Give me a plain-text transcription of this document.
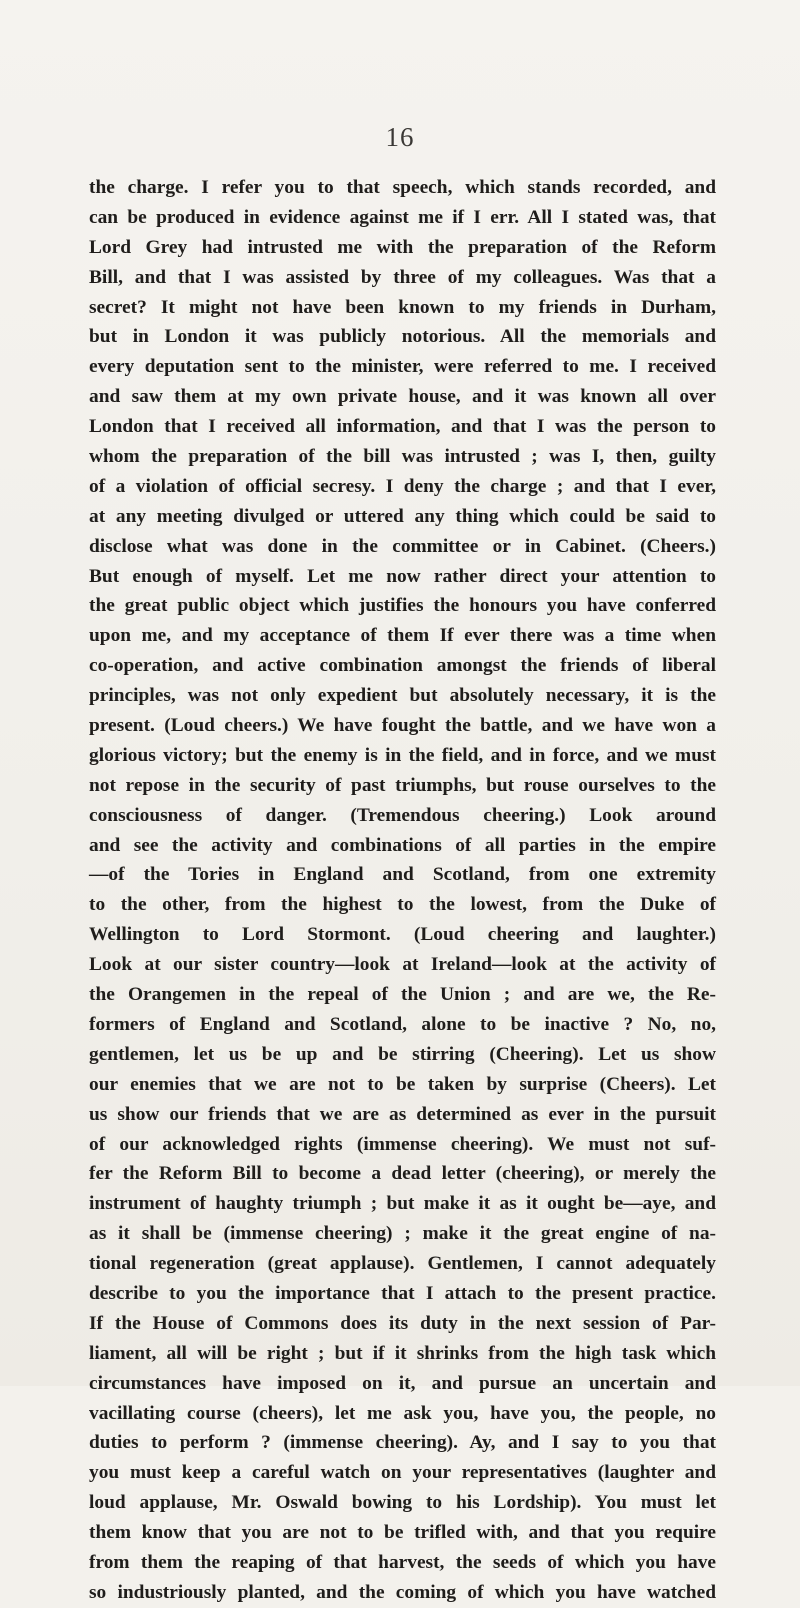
16
the charge. I refer you to that speech, which stands recorded, and
can be produced in evidence against me if I err. All I stated was, that
Lord Grey had intrusted me with the preparation of the Reform
Bill, and that I was assisted by three of my colleagues. Was that a
secret? It might not have been known to my friends in Durham,
but in London it was publicly notorious. All the memorials and
every deputation sent to the minister, were referred to me. I received
and saw them at my own private house, and it was known all over
London that I received all information, and that I was the person to
whom the preparation of the bill was intrusted ; was I, then, guilty
of a violation of official secresy. I deny the charge ; and that I ever,
at any meeting divulged or uttered any thing which could be said to
disclose what was done in the committee or in Cabinet. (Cheers.)
But enough of myself. Let me now rather direct your attention to
the great public object which justifies the honours you have conferred
upon me, and my acceptance of them If ever there was a time when
co-operation, and active combination amongst the friends of liberal
principles, was not only expedient but absolutely necessary, it is the
present. (Loud cheers.) We have fought the battle, and we have won a
glorious victory; but the enemy is in the field, and in force, and we must
not repose in the security of past triumphs, but rouse ourselves to the
consciousness of danger. (Tremendous cheering.) Look around
and see the activity and combinations of all parties in the empire
—of the Tories in England and Scotland, from one extremity
to the other, from the highest to the lowest, from the Duke of
Wellington to Lord Stormont. (Loud cheering and laughter.)
Look at our sister country—look at Ireland—look at the activity of
the Orangemen in the repeal of the Union ; and are we, the Re-
formers of England and Scotland, alone to be inactive ? No, no,
gentlemen, let us be up and be stirring (Cheering). Let us show
our enemies that we are not to be taken by surprise (Cheers). Let
us show our friends that we are as determined as ever in the pursuit
of our acknowledged rights (immense cheering). We must not suf-
fer the Reform Bill to become a dead letter (cheering), or merely the
instrument of haughty triumph ; but make it as it ought be—aye, and
as it shall be (immense cheering) ; make it the great engine of na-
tional regeneration (great applause). Gentlemen, I cannot adequately
describe to you the importance that I attach to the present practice.
If the House of Commons does its duty in the next session of Par-
liament, all will be right ; but if it shrinks from the high task which
circumstances have imposed on it, and pursue an uncertain and
vacillating course (cheers), let me ask you, have you, the people, no
duties to perform ? (immense cheering). Ay, and I say to you that
you must keep a careful watch on your representatives (laughter and
loud applause, Mr. Oswald bowing to his Lordship). You must let
them know that you are not to be trifled with, and that you require
from them the reaping of that harvest, the seeds of which you have
so industriously planted, and the coming of which you have watched
